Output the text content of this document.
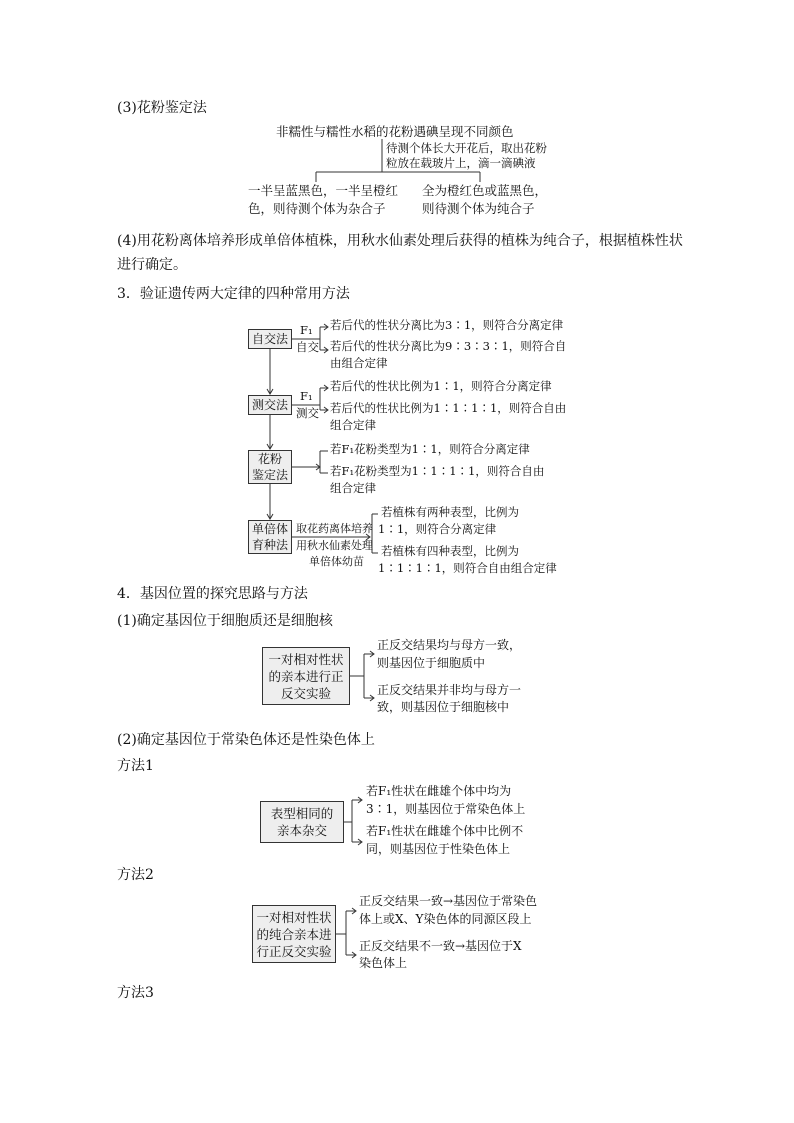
(3)花粉鉴定法
非糯性与糯性水稻的花粉遇碘呈现不同颜色
待测个体长大开花后，取出花粉
粒放在载玻片上，滴一滴碘液
一半呈蓝黑色，一半呈橙红
色，则待测个体为杂合子
全为橙红色或蓝黑色，
则待测个体为纯合子
(4)用花粉离体培养形成单倍体植株，用秋水仙素处理后获得的植株为纯合子，根据植株性状
进行确定。
3．验证遗传两大定律的四种常用方法
自交法
F₁
自交
若后代的性状分离比为3∶1，则符合分离定律
若后代的性状分离比为9∶3∶3∶1，则符合自
由组合定律
测交法
F₁
测交
若后代的性状比例为1∶1，则符合分离定律
若后代的性状比例为1∶1∶1∶1，则符合自由
组合定律
花粉
鉴定法
若F₁花粉类型为1∶1，则符合分离定律
若F₁花粉类型为1∶1∶1∶1，则符合自由
组合定律
单倍体
育种法
取花药离体培养
用秋水仙素处理
单倍体幼苗
若植株有两种表型，比例为
1∶1，则符合分离定律
若植株有四种表型，比例为
1∶1∶1∶1，则符合自由组合定律
4．基因位置的探究思路与方法
(1)确定基因位于细胞质还是细胞核
一对相对性状
的亲本进行正
反交实验
正反交结果均与母方一致，
则基因位于细胞质中
正反交结果并非均与母方一
致，则基因位于细胞核中
(2)确定基因位于常染色体还是性染色体上
方法1
表型相同的
亲本杂交
若F₁性状在雌雄个体中均为
3∶1，则基因位于常染色体上
若F₁性状在雌雄个体中比例不
同，则基因位于性染色体上
方法2
一对相对性状
的纯合亲本进
行正反交实验
正反交结果一致→基因位于常染色
体上或X、Y染色体的同源区段上
正反交结果不一致→基因位于X
染色体上
方法3
